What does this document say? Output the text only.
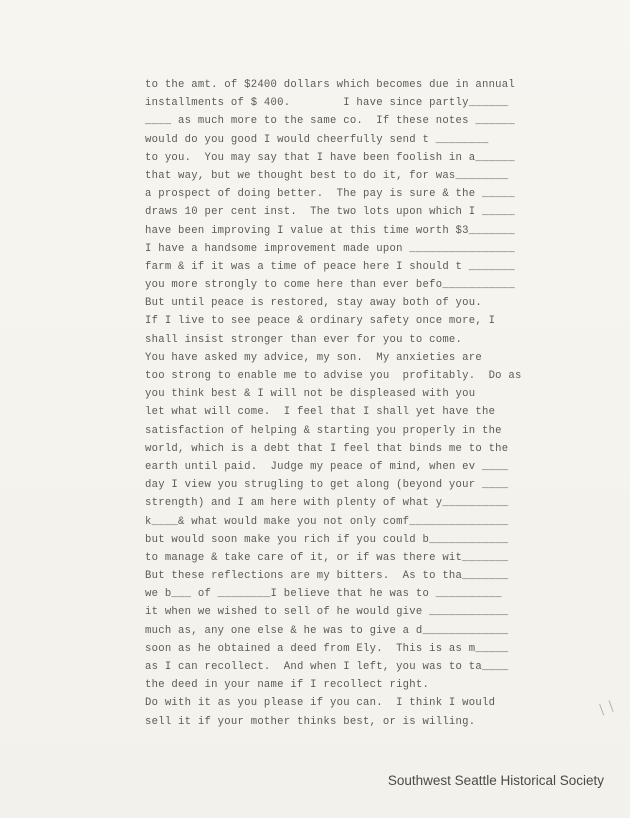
to the amt. of $2400 dollars which becomes due in annual
installments of $ 400.        I have since partly______
____ as much more to the same co.  If these notes ______
would do you good I would cheerfully send t ________
to you.  You may say that I have been foolish in a______
that way, but we thought best to do it, for was________
a prospect of doing better.  The pay is sure & the _____
draws 10 per cent inst.  The two lots upon which I _____
have been improving I value at this time worth $3_______
I have a handsome improvement made upon ________________
farm & if it was a time of peace here I should t _______
you more strongly to come here than ever befo___________
But until peace is restored, stay away both of you.
If I live to see peace & ordinary safety once more, I
shall insist stronger than ever for you to come.
You have asked my advice, my son.  My anxieties are
too strong to enable me to advise you  profitably.  Do as
you think best & I will not be displeased with you
let what will come.  I feel that I shall yet have the
satisfaction of helping & starting you properly in the
world, which is a debt that I feel that binds me to the
earth until paid.  Judge my peace of mind, when ev ____
day I view you strugling to get along (beyond your ____
strength) and I am here with plenty of what y__________
k____& what would make you not only comf_______________
but would soon make you rich if you could b____________
to manage & take care of it, or if was there wit_______
But these reflections are my bitters.  As to tha_______
we b___ of ________I believe that he was to __________
it when we wished to sell of he would give ____________
much as, any one else & he was to give a d_____________
soon as he obtained a deed from Ely.  This is as m_____
as I can recollect.  And when I left, you was to ta____
the deed in your name if I recollect right.
Do with it as you please if you can.  I think I would
sell it if your mother thinks best, or is willing.
❘❘
Southwest Seattle Historical Society
